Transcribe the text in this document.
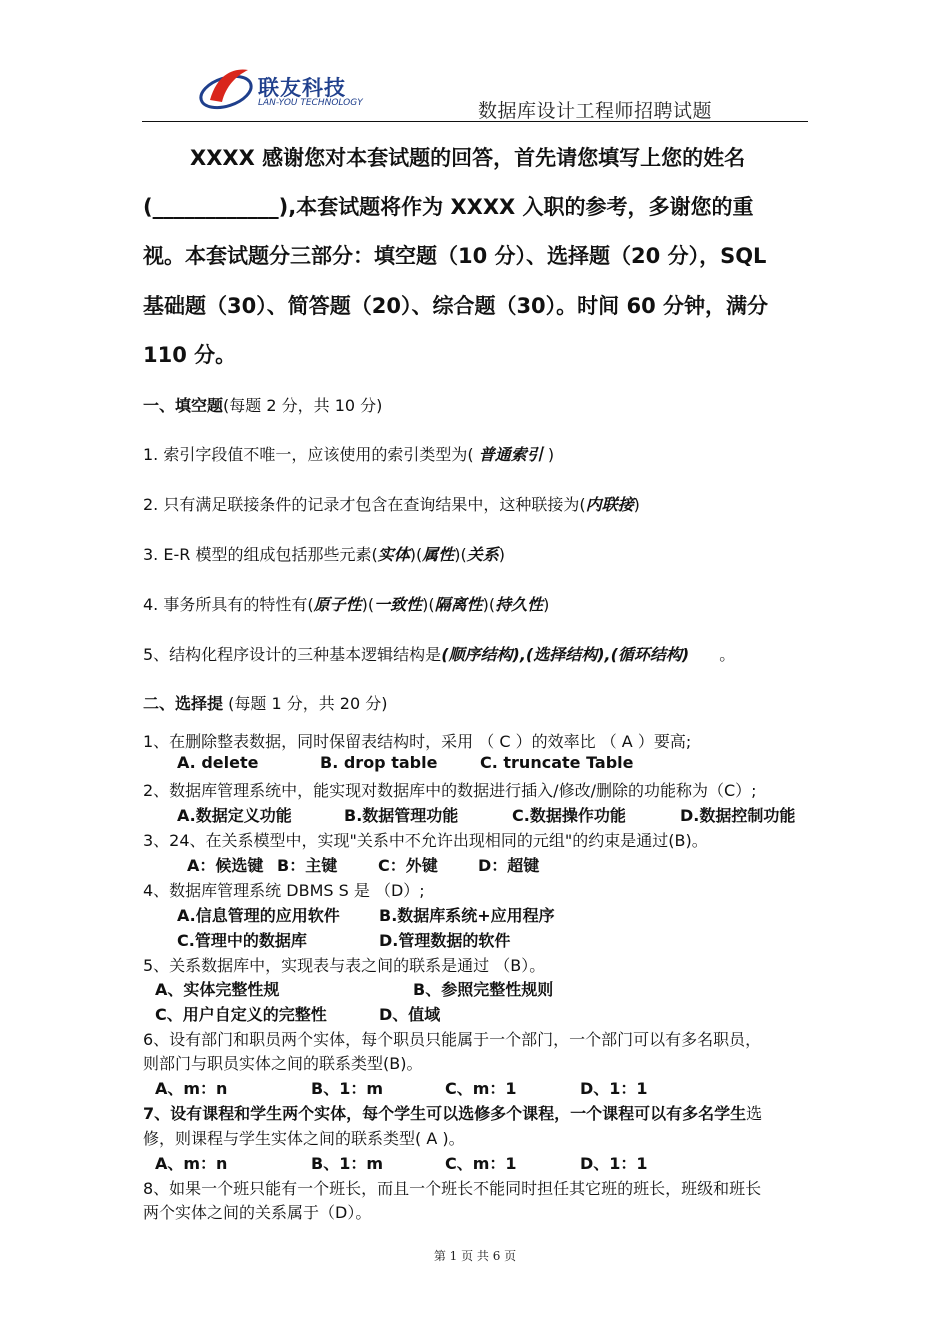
联友科技
LAN-YOU TECHNOLOGY	数据库设计工程师招聘试题
XXXX 感谢您对本套试题的回答，首先请您填写上您的姓名
(____________),本套试题将作为 XXXX 入职的参考，多谢您的重
视。本套试题分三部分：填空题（10 分）、选择题（20 分），SQL
基础题（30）、简答题（20）、综合题（30）。时间 60 分钟，满分
110 分。
一、填空题(每题 2 分，共 10 分)
1. 索引字段值不唯一，应该使用的索引类型为( 普通索引 )
2. 只有满足联接条件的记录才包含在查询结果中，这种联接为(内联接)
3. E-R 模型的组成包括那些元素(实体)(属性)(关系)
4. 事务所具有的特性有(原子性)(一致性)(隔离性)(持久性)
5、结构化程序设计的三种基本逻辑结构是(顺序结构),(选择结构),(循环结构) 。
二、选择提 (每题 1 分，共 20 分)
1、在删除整表数据，同时保留表结构时，采用 （ C ）的效率比 （ A ）要高;
A. delete	B. drop table	C. truncate Table
2、数据库管理系统中，能实现对数据库中的数据进行插入/修改/删除的功能称为（C）;
A.数据定义功能	B.数据管理功能	C.数据操作功能	D.数据控制功能
3、24、在关系模型中，实现"关系中不允许出现相同的元组"的约束是通过(B)。
A：候选键 B：主键	C：外键	D：超键
4、数据库管理系统 DBMS S 是 （D）;
A.信息管理的应用软件 B.数据库系统+应用程序
C.管理中的数据库	D.管理数据的软件
5、关系数据库中，实现表与表之间的联系是通过 （B）。
A、实体完整性规	B、参照完整性规则
C、用户自定义的完整性	D、值域
6、设有部门和职员两个实体，每个职员只能属于一个部门，一个部门可以有多名职员，
则部门与职员实体之间的联系类型(B)。
A、m：n	B、1：m	C、m：1	D、1：1
7、设有课程和学生两个实体，每个学生可以选修多个课程，一个课程可以有多名学生选
修，则课程与学生实体之间的联系类型( A )。
A、m：n	B、1：m	C、m：1	D、1：1
8、如果一个班只能有一个班长，而且一个班长不能同时担任其它班的班长，班级和班长
两个实体之间的关系属于（D）。
第 1 页 共 6 页
